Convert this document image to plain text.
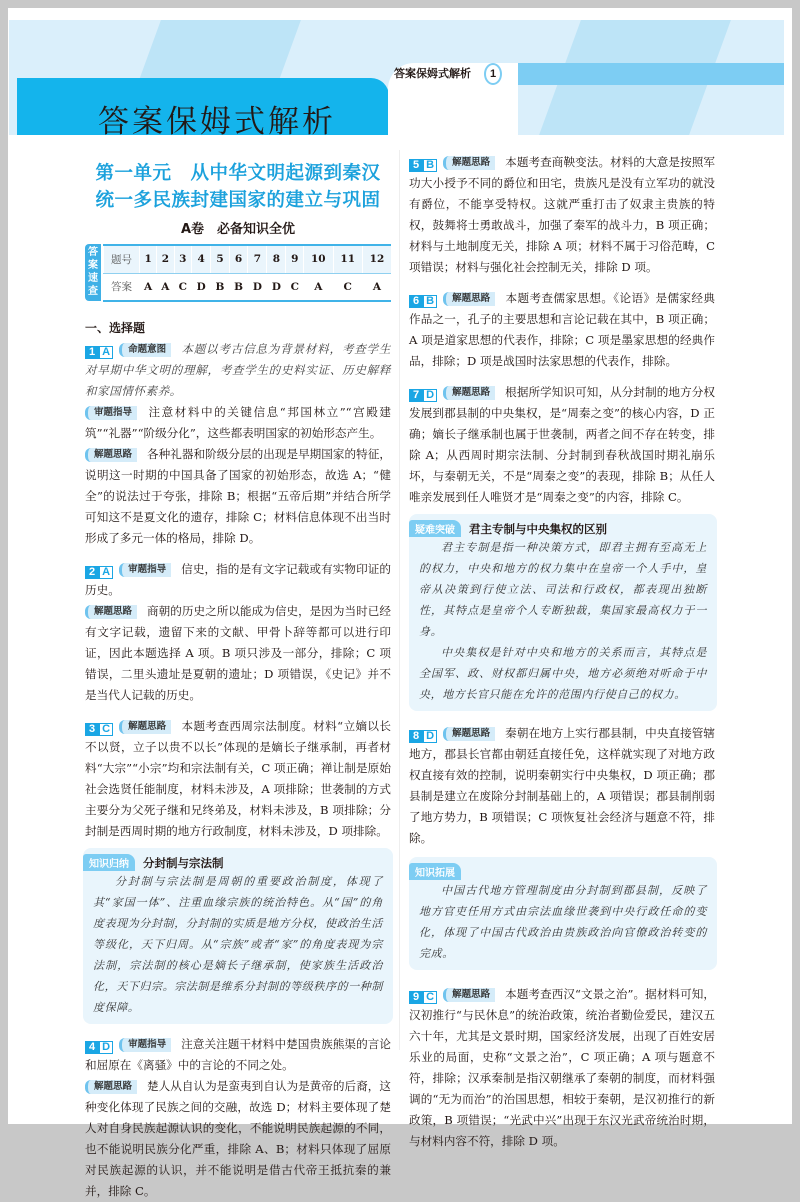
答案保姆式解析
答案保姆式解析	1
第一单元　从中华文明起源到秦汉
统一多民族封建国家的建立与巩固
A卷　必备知识全优
答案速查
题号	1	2	3	4	5	6	7	8	9	10	11	12
答案	A	A	C	D	B	B	D	D	C	A	C	A
一、选择题
1 A 命题意图 本题以考古信息为背景材料，考查学生对早期中华文明的理解，考查学生的史料实证、历史解释和家国情怀素养。
审题指导 注意材料中的关键信息“邦国林立”“宫殿建筑”“礼器”“阶级分化”，这些都表明国家的初始形态产生。
解题思路 各种礼器和阶级分层的出现是早期国家的特征，说明这一时期的中国具备了国家的初始形态，故选 A；“健全”的说法过于夸张，排除 B；根据“五帝后期”并结合所学可知这不是夏文化的遗存，排除 C；材料信息体现不出当时形成了多元一体的格局，排除 D。
2 A 审题指导 信史，指的是有文字记载或有实物印证的历史。
解题思路 商朝的历史之所以能成为信史，是因为当时已经有文字记载，遗留下来的文献、甲骨卜辞等都可以进行印证，因此本题选择 A 项。B 项只涉及一部分，排除；C 项错误，二里头遗址是夏朝的遗址；D 项错误，《史记》并不是当代人记载的历史。
3 C 解题思路 本题考查西周宗法制度。材料“立嫡以长不以贤，立子以贵不以长”体现的是嫡长子继承制，再者材料“大宗”“小宗”均和宗法制有关，C 项正确；禅让制是原始社会选贤任能制度，材料未涉及，A 项排除；世袭制的方式主要分为父死子继和兄终弟及，材料未涉及，B 项排除；分封制是西周时期的地方行政制度，材料未涉及，D 项排除。
知识归纳 分封制与宗法制

分封制与宗法制是周朝的重要政治制度，体现了其“家国一体”、注重血缘宗族的统治特色。从“国”的角度表现为分封制，分封制的实质是地方分权，使政治生活等级化，天下归周。从“宗族”或者“家”的角度表现为宗法制，宗法制的核心是嫡长子继承制，使家族生活政治化，天下归宗。宗法制是维系分封制的等级秩序的一种制度保障。

4 D 审题指导 注意关注题干材料中楚国贵族熊渠的言论和屈原在《离骚》中的言论的不同之处。
解题思路 楚人从自认为是蛮夷到自认为是黄帝的后裔，这种变化体现了民族之间的交融，故选 D；材料主要体现了楚人对自身民族起源认识的变化，不能说明民族起源的不同，也不能说明民族分化严重，排除 A、B；材料只体现了屈原对民族起源的认识，并不能说明是借古代帝王抵抗秦的兼并，排除 C。
5 B 解题思路 本题考查商鞅变法。材料的大意是按照军功大小授予不同的爵位和田宅，贵族凡是没有立军功的就没有爵位，不能享受特权。这就严重打击了奴隶主贵族的特权，鼓舞将士勇敢战斗，加强了秦军的战斗力，B 项正确；材料与土地制度无关，排除 A 项；材料不属于习俗范畴，C 项错误；材料与强化社会控制无关，排除 D 项。
6 B 解题思路 本题考查儒家思想。《论语》是儒家经典作品之一，孔子的主要思想和言论记载在其中，B 项正确；A 项是道家思想的代表作，排除；C 项是墨家思想的经典作品，排除；D 项是战国时法家思想的代表作，排除。
7 D 解题思路 根据所学知识可知，从分封制的地方分权发展到郡县制的中央集权，是“周秦之变”的核心内容，D 正确；嫡长子继承制也属于世袭制，两者之间不存在转变，排除 A；从西周时期宗法制、分封制到春秋战国时期礼崩乐坏，与秦朝无关，不是“周秦之变”的表现，排除 B；从任人唯亲发展到任人唯贤才是“周秦之变”的内容，排除 C。
疑难突破 君主专制与中央集权的区别

君主专制是指一种决策方式，即君主拥有至高无上的权力，中央和地方的权力集中在皇帝一个人手中，皇帝从决策到行使立法、司法和行政权，都表现出独断性，其特点是皇帝个人专断独裁，集国家最高权力于一身。

中央集权是针对中央和地方的关系而言，其特点是全国军、政、财权都归属中央，地方必须绝对听命于中央，地方长官只能在允许的范围内行使自己的权力。

8 D 解题思路 秦朝在地方上实行郡县制，中央直接管辖地方，郡县长官都由朝廷直接任免，这样就实现了对地方政权直接有效的控制，说明秦朝实行中央集权，D 项正确；郡县制是建立在废除分封制基础上的，A 项错误；郡县制削弱了地方势力，B 项错误；C 项恢复社会经济与题意不符，排除。
知识拓展

中国古代地方管理制度由分封制到郡县制，反映了地方官吏任用方式由宗法血缘世袭到中央行政任命的变化，体现了中国古代政治由贵族政治向官僚政治转变的完成。

9 C 解题思路 本题考查西汉“文景之治”。据材料可知，汉初推行“与民休息”的统治政策，统治者勤俭爱民，建汉五六十年，尤其是文景时期，国家经济发展，出现了百姓安居乐业的局面，史称“文景之治”，C 项正确；A 项与题意不符，排除；汉承秦制是指汉朝继承了秦朝的制度，而材料强调的“无为而治”的治国思想，相较于秦朝，是汉初推行的新政策，B 项错误；“光武中兴”出现于东汉光武帝统治时期，与材料内容不符，排除 D 项。
